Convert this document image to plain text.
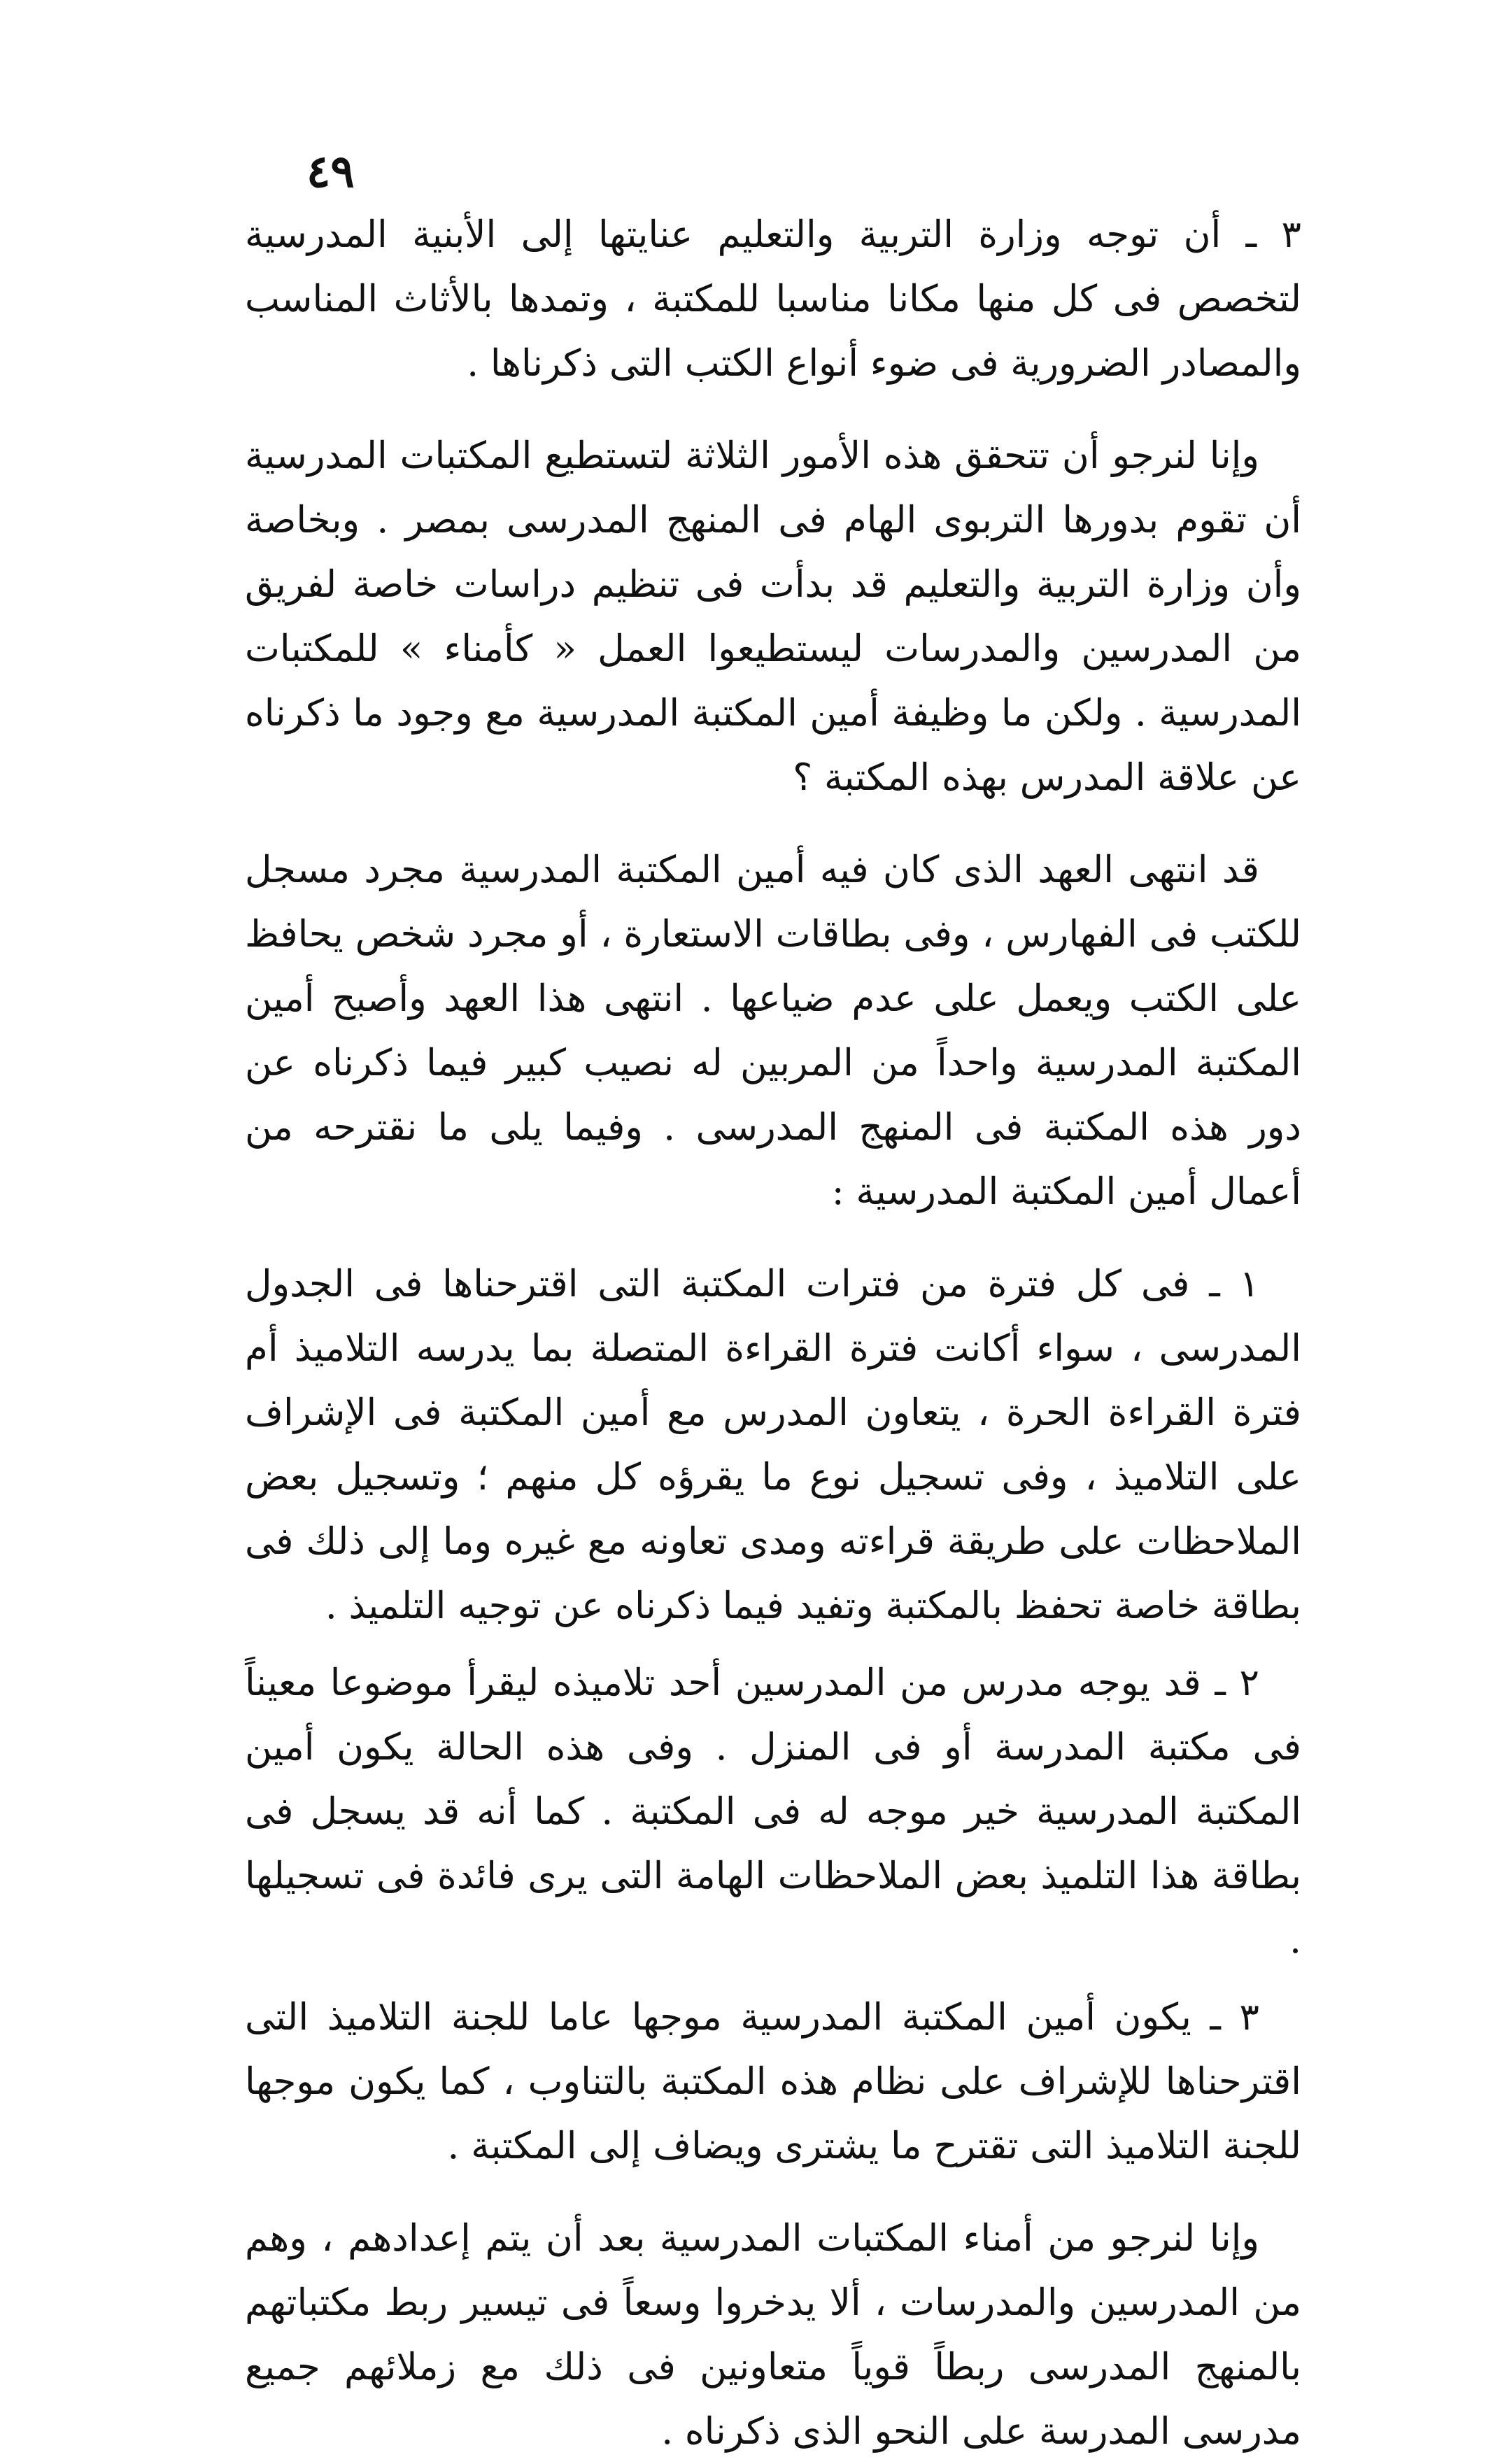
٤٩

٣ ـ أن توجه وزارة التربية والتعليم عنايتها إلى الأبنية المدرسية لتخصص فى كل منها مكانا مناسبا للمكتبة ، وتمدها بالأثاث المناسب والمصادر الضرورية فى ضوء أنواع الكتب التى ذكرناها .

وإنا لنرجو أن تتحقق هذه الأمور الثلاثة لتستطيع المكتبات المدرسية أن تقوم بدورها التربوى الهام فى المنهج المدرسى بمصر . وبخاصة وأن وزارة التربية والتعليم قد بدأت فى تنظيم دراسات خاصة لفريق من المدرسين والمدرسات ليستطيعوا العمل « كأمناء » للمكتبات المدرسية . ولكن ما وظيفة أمين المكتبة المدرسية مع وجود ما ذكرناه عن علاقة المدرس بهذه المكتبة ؟

قد انتهى العهد الذى كان فيه أمين المكتبة المدرسية مجرد مسجل للكتب فى الفهارس ، وفى بطاقات الاستعارة ، أو مجرد شخص يحافظ على الكتب ويعمل على عدم ضياعها . انتهى هذا العهد وأصبح أمين المكتبة المدرسية واحداً من المربين له نصيب كبير فيما ذكرناه عن دور هذه المكتبة فى المنهج المدرسى . وفيما يلى ما نقترحه من أعمال أمين المكتبة المدرسية :

١ ـ فى كل فترة من فترات المكتبة التى اقترحناها فى الجدول المدرسى ، سواء أكانت فترة القراءة المتصلة بما يدرسه التلاميذ أم فترة القراءة الحرة ، يتعاون المدرس مع أمين المكتبة فى الإشراف على التلاميذ ، وفى تسجيل نوع ما يقرؤه كل منهم ؛ وتسجيل بعض الملاحظات على طريقة قراءته ومدى تعاونه مع غيره وما إلى ذلك فى بطاقة خاصة تحفظ بالمكتبة وتفيد فيما ذكرناه عن توجيه التلميذ .

٢ ـ قد يوجه مدرس من المدرسين أحد تلاميذه ليقرأ موضوعا معيناً فى مكتبة المدرسة أو فى المنزل . وفى هذه الحالة يكون أمين المكتبة المدرسية خير موجه له فى المكتبة . كما أنه قد يسجل فى بطاقة هذا التلميذ بعض الملاحظات الهامة التى يرى فائدة فى تسجيلها .

٣ ـ يكون أمين المكتبة المدرسية موجها عاما للجنة التلاميذ التى اقترحناها للإشراف على نظام هذه المكتبة بالتناوب ، كما يكون موجها للجنة التلاميذ التى تقترح ما يشترى ويضاف إلى المكتبة .

وإنا لنرجو من أمناء المكتبات المدرسية بعد أن يتم إعدادهم ، وهم من المدرسين والمدرسات ، ألا يدخروا وسعاً فى تيسير ربط مكتباتهم بالمنهج المدرسى ربطاً قوياً متعاونين فى ذلك مع زملائهم جميع مدرسى المدرسة على النحو الذى ذكرناه .
